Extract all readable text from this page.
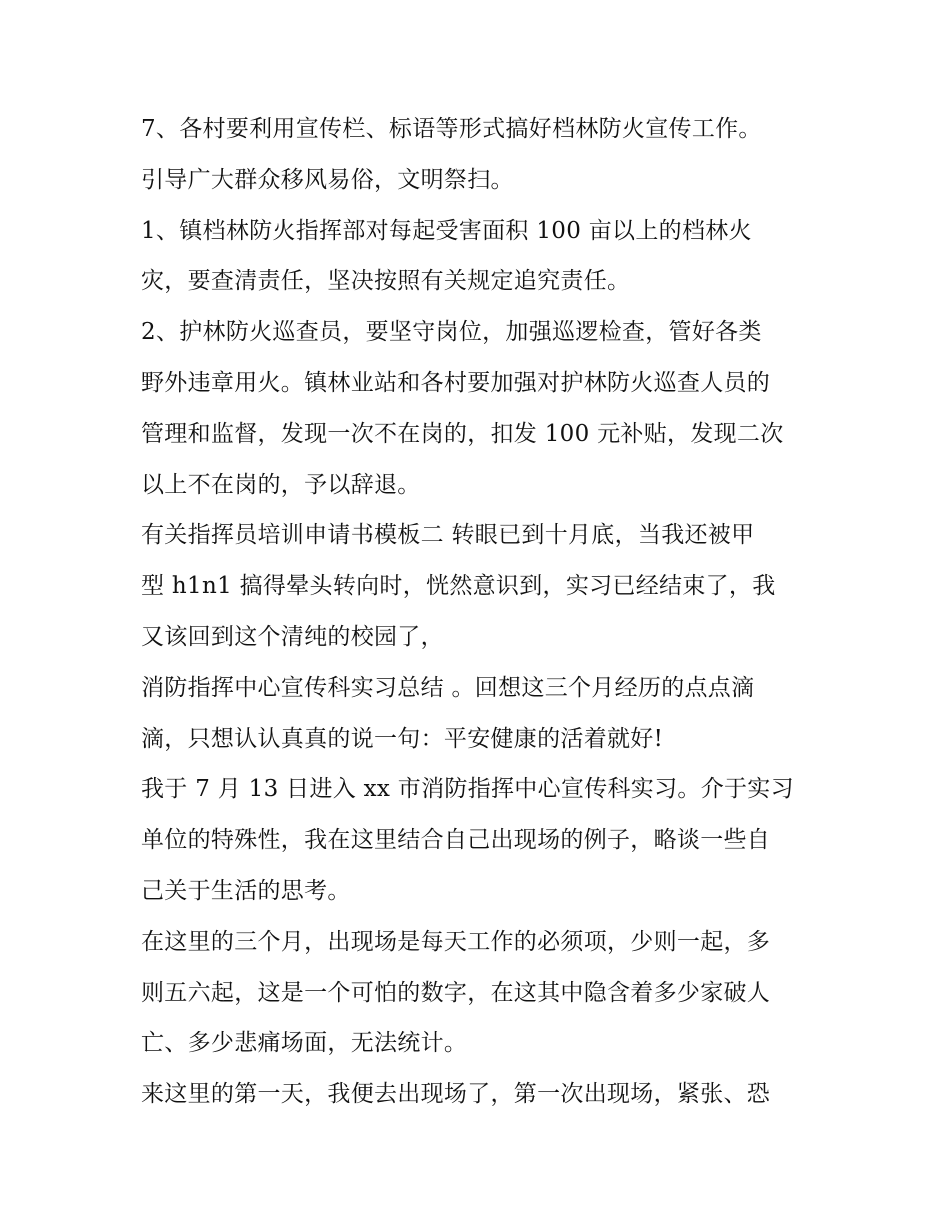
7、各村要利用宣传栏、标语等形式搞好档林防火宣传工作。
引导广大群众移风易俗，文明祭扫。
1、镇档林防火指挥部对每起受害面积 100 亩以上的档林火
灾，要查清责任，坚决按照有关规定追究责任。
2、护林防火巡查员，要坚守岗位，加强巡逻检查，管好各类
野外违章用火。镇林业站和各村要加强对护林防火巡查人员的
管理和监督，发现一次不在岗的，扣发 100 元补贴，发现二次
以上不在岗的，予以辞退。
有关指挥员培训申请书模板二 转眼已到十月底，当我还被甲
型 h1n1 搞得晕头转向时，恍然意识到，实习已经结束了，我
又该回到这个清纯的校园了，
消防指挥中心宣传科实习总结 。回想这三个月经历的点点滴
滴，只想认认真真的说一句：平安健康的活着就好!
我于 7 月 13 日进入 xx 市消防指挥中心宣传科实习。介于实习
单位的特殊性，我在这里结合自己出现场的例子，略谈一些自
己关于生活的思考。
在这里的三个月，出现场是每天工作的必须项，少则一起，多
则五六起，这是一个可怕的数字，在这其中隐含着多少家破人
亡、多少悲痛场面，无法统计。
来这里的第一天，我便去出现场了，第一次出现场，紧张、恐
